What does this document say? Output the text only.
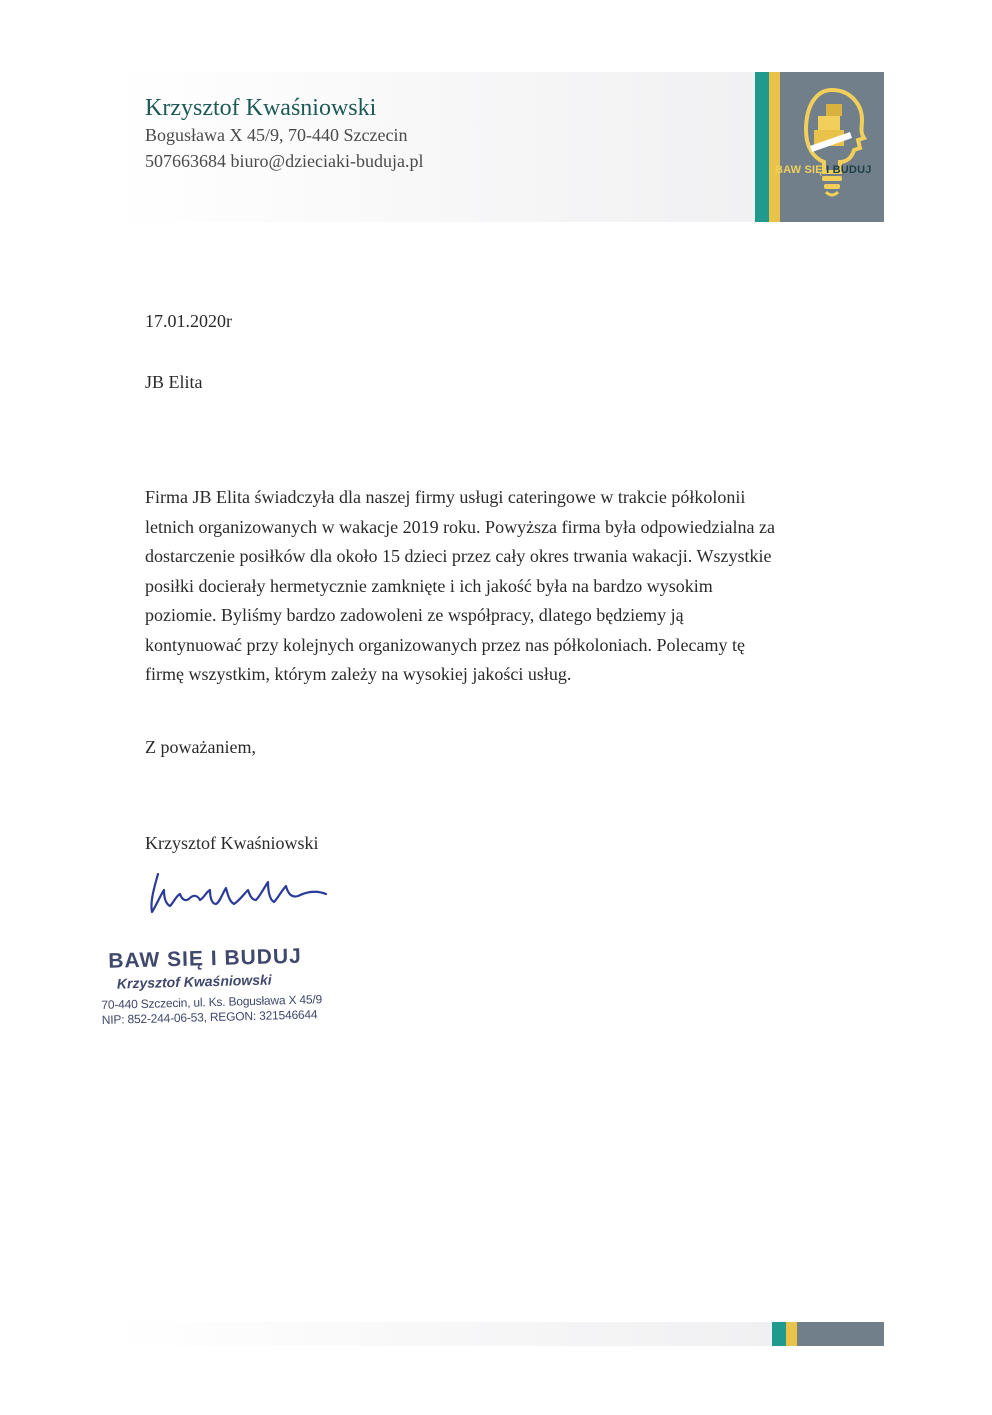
Krzysztof Kwaśniowski
Bogusława X 45/9, 70-440 Szczecin
507663684 biuro@dzieciaki-buduja.pl	BAW SIĘ I BUDUJ
17.01.2020r
JB Elita
Firma JB Elita świadczyła dla naszej firmy usługi cateringowe w trakcie półkolonii
letnich organizowanych w wakacje 2019 roku. Powyższa firma była odpowiedzialna za
dostarczenie posiłków dla około 15 dzieci przez cały okres trwania wakacji. Wszystkie
posiłki docierały hermetycznie zamknięte i ich jakość była na bardzo wysokim
poziomie. Byliśmy bardzo zadowoleni ze współpracy, dlatego będziemy ją
kontynuować przy kolejnych organizowanych przez nas półkoloniach. Polecamy tę
firmę wszystkim, którym zależy na wysokiej jakości usług.
Z poważaniem,
Krzysztof Kwaśniowski
BAW SIĘ I BUDUJ
Krzysztof Kwaśniowski
70-440 Szczecin, ul. Ks. Bogusława X 45/9
NIP: 852-244-06-53, REGON: 321546644
